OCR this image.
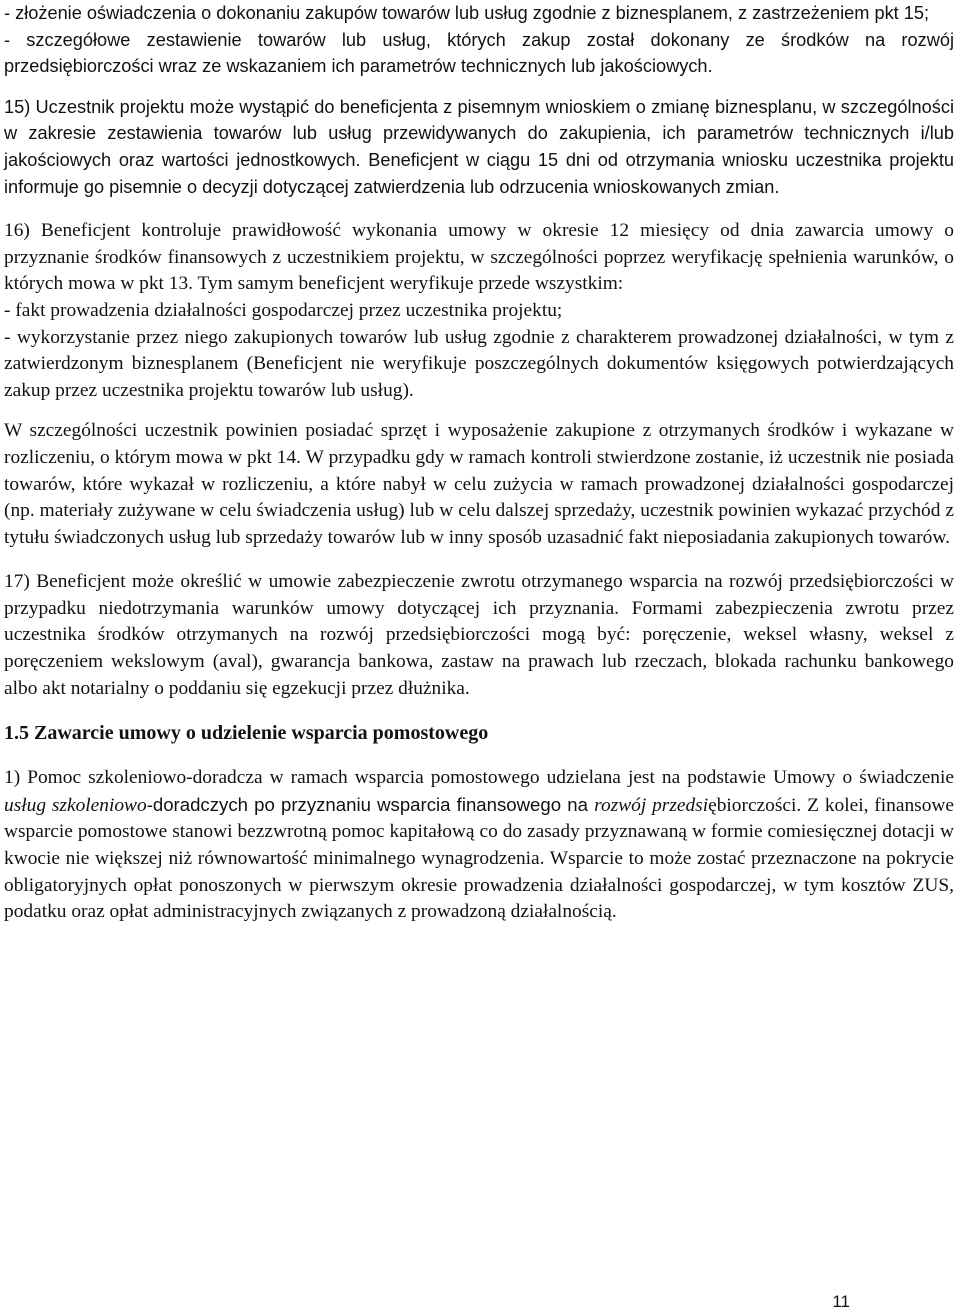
- złożenie oświadczenia o dokonaniu zakupów towarów lub usług zgodnie z biznesplanem, z zastrzeżeniem pkt 15;

- szczegółowe zestawienie towarów lub usług, których zakup został dokonany ze środków na rozwój przedsiębiorczości wraz ze wskazaniem ich parametrów technicznych lub jakościowych.

15) Uczestnik projektu może wystąpić do beneficjenta z pisemnym wnioskiem o zmianę biznesplanu, w szczególności w zakresie zestawienia towarów lub usług przewidywanych do zakupienia, ich parametrów technicznych i/lub jakościowych oraz wartości jednostkowych. Beneficjent w ciągu 15 dni od otrzymania wniosku uczestnika projektu informuje go pisemnie o decyzji dotyczącej zatwierdzenia lub odrzucenia wnioskowanych zmian.

16) Beneficjent kontroluje prawidłowość wykonania umowy w okresie 12 miesięcy od dnia zawarcia umowy o przyznanie środków finansowych z uczestnikiem projektu, w szczególności poprzez weryfikację spełnienia warunków, o których mowa w pkt 13. Tym samym beneficjent weryfikuje przede wszystkim:

- fakt prowadzenia działalności gospodarczej przez uczestnika projektu;

- wykorzystanie przez niego zakupionych towarów lub usług zgodnie z charakterem prowadzonej działalności, w tym z zatwierdzonym biznesplanem (Beneficjent nie weryfikuje poszczególnych dokumentów księgowych potwierdzających zakup przez uczestnika projektu towarów lub usług).

W szczególności uczestnik powinien posiadać sprzęt i wyposażenie zakupione z otrzymanych środków i wykazane w rozliczeniu, o którym mowa w pkt 14. W przypadku gdy w ramach kontroli stwierdzone zostanie, iż uczestnik nie posiada towarów, które wykazał w rozliczeniu, a które nabył w celu zużycia w ramach prowadzonej działalności gospodarczej (np. materiały zużywane w celu świadczenia usług) lub w celu dalszej sprzedaży, uczestnik powinien wykazać przychód z tytułu świadczonych usług lub sprzedaży towarów lub w inny sposób uzasadnić fakt nieposiadania zakupionych towarów.

17) Beneficjent może określić w umowie zabezpieczenie zwrotu otrzymanego wsparcia na rozwój przedsiębiorczości w przypadku niedotrzymania warunków umowy dotyczącej ich przyznania. Formami zabezpieczenia zwrotu przez uczestnika środków otrzymanych na rozwój przedsiębiorczości mogą być: poręczenie, weksel własny, weksel z poręczeniem wekslowym (aval), gwarancja bankowa, zastaw na prawach lub rzeczach, blokada rachunku bankowego albo akt notarialny o poddaniu się egzekucji przez dłużnika.

1.5 Zawarcie umowy o udzielenie wsparcia pomostowego

1) Pomoc szkoleniowo-doradcza w ramach wsparcia pomostowego udzielana jest na podstawie Umowy o świadczenie usług szkoleniowo-doradczych po przyznaniu wsparcia finansowego na rozwój przedsiębiorczości. Z kolei, finansowe wsparcie pomostowe stanowi bezzwrotną pomoc kapitałową co do zasady przyznawaną w formie comiesięcznej dotacji w kwocie nie większej niż równowartość minimalnego wynagrodzenia. Wsparcie to może zostać przeznaczone na pokrycie obligatoryjnych opłat ponoszonych w pierwszym okresie prowadzenia działalności gospodarczej, w tym kosztów ZUS, podatku oraz opłat administracyjnych związanych z prowadzoną działalnością.

11
